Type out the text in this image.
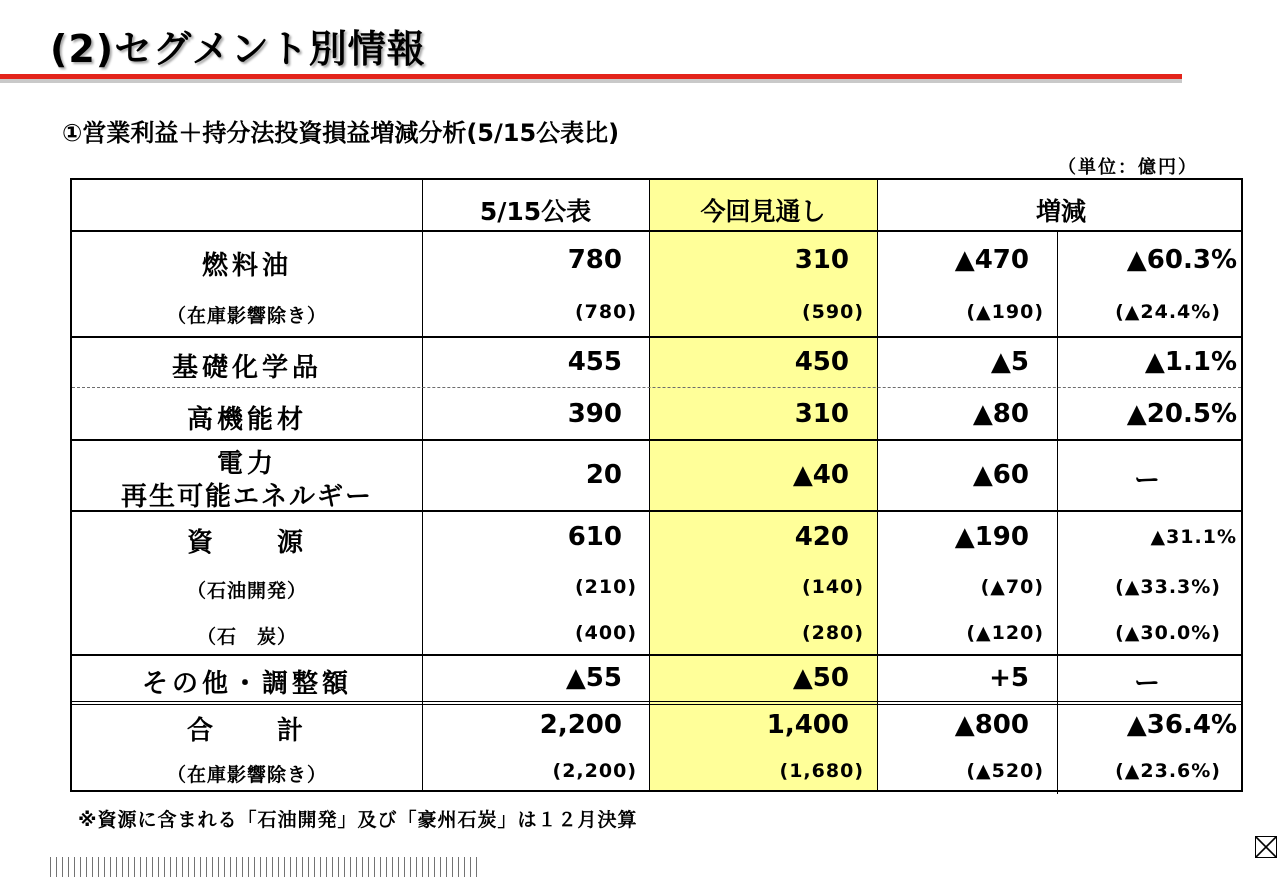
(2)セグメント別情報
①営業利益＋持分法投資損益増減分析(5/15公表比)
（単位：億円）
5/15公表	今回見通し	増減
燃料油	780	310	▲470	▲60.3%
（在庫影響除き）	(780)	(590)	(▲190)	(▲24.4%)
基礎化学品	455	450	▲5	▲1.1%
高機能材	390	310	▲80	▲20.5%
電力
再生可能エネルギー
20	▲40	▲60	ー
資　　源	610	420	▲190	▲31.1%
（石油開発）	(210)	(140)	(▲70)	(▲33.3%)
（石　炭）	(400)	(280)	(▲120)	(▲30.0%)
その他・調整額	▲55	▲50	+5	ー
合　　計	2,200	1,400	▲800	▲36.4%
（在庫影響除き）	(2,200)	(1,680)	(▲520)	(▲23.6%)
※資源に含まれる「石油開発」及び「豪州石炭」は１２月決算
